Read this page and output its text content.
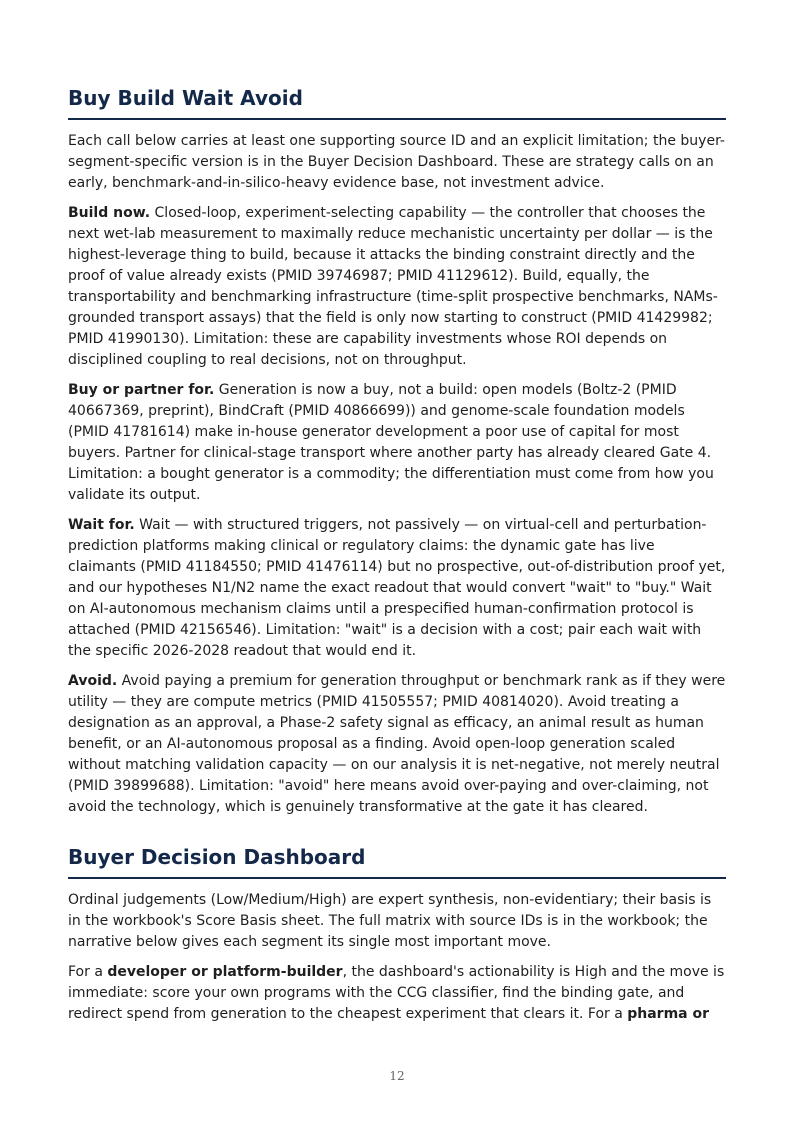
Buy Build Wait Avoid

Each call below carries at least one supporting source ID and an explicit limitation; the buyer-segment-specific version is in the Buyer Decision Dashboard. These are strategy calls on an early, benchmark-and-in-silico-heavy evidence base, not investment advice.

Build now. Closed-loop, experiment-selecting capability — the controller that chooses the next wet-lab measurement to maximally reduce mechanistic uncertainty per dollar — is the highest-leverage thing to build, because it attacks the binding constraint directly and the proof of value already exists (PMID 39746987; PMID 41129612). Build, equally, the transportability and benchmarking infrastructure (time-split prospective benchmarks, NAMs-grounded transport assays) that the field is only now starting to construct (PMID 41429982; PMID 41990130). Limitation: these are capability investments whose ROI depends on disciplined coupling to real decisions, not on throughput.

Buy or partner for. Generation is now a buy, not a build: open models (Boltz-2 (PMID 40667369, preprint), BindCraft (PMID 40866699)) and genome-scale foundation models (PMID 41781614) make in-house generator development a poor use of capital for most buyers. Partner for clinical-stage transport where another party has already cleared Gate 4. Limitation: a bought generator is a commodity; the differentiation must come from how you validate its output.

Wait for. Wait — with structured triggers, not passively — on virtual-cell and perturbation-prediction platforms making clinical or regulatory claims: the dynamic gate has live claimants (PMID 41184550; PMID 41476114) but no prospective, out-of-distribution proof yet, and our hypotheses N1/N2 name the exact readout that would convert "wait" to "buy." Wait on AI-autonomous mechanism claims until a prespecified human-confirmation protocol is attached (PMID 42156546). Limitation: "wait" is a decision with a cost; pair each wait with the specific 2026-2028 readout that would end it.

Avoid. Avoid paying a premium for generation throughput or benchmark rank as if they were utility — they are compute metrics (PMID 41505557; PMID 40814020). Avoid treating a designation as an approval, a Phase-2 safety signal as efficacy, an animal result as human benefit, or an AI-autonomous proposal as a finding. Avoid open-loop generation scaled without matching validation capacity — on our analysis it is net-negative, not merely neutral (PMID 39899688). Limitation: "avoid" here means avoid over-paying and over-claiming, not avoid the technology, which is genuinely transformative at the gate it has cleared.

Buyer Decision Dashboard

Ordinal judgements (Low/Medium/High) are expert synthesis, non-evidentiary; their basis is in the workbook's Score Basis sheet. The full matrix with source IDs is in the workbook; the narrative below gives each segment its single most important move.

For a developer or platform-builder, the dashboard's actionability is High and the move is immediate: score your own programs with the CCG classifier, find the binding gate, and redirect spend from generation to the cheapest experiment that clears it. For a pharma or

12
